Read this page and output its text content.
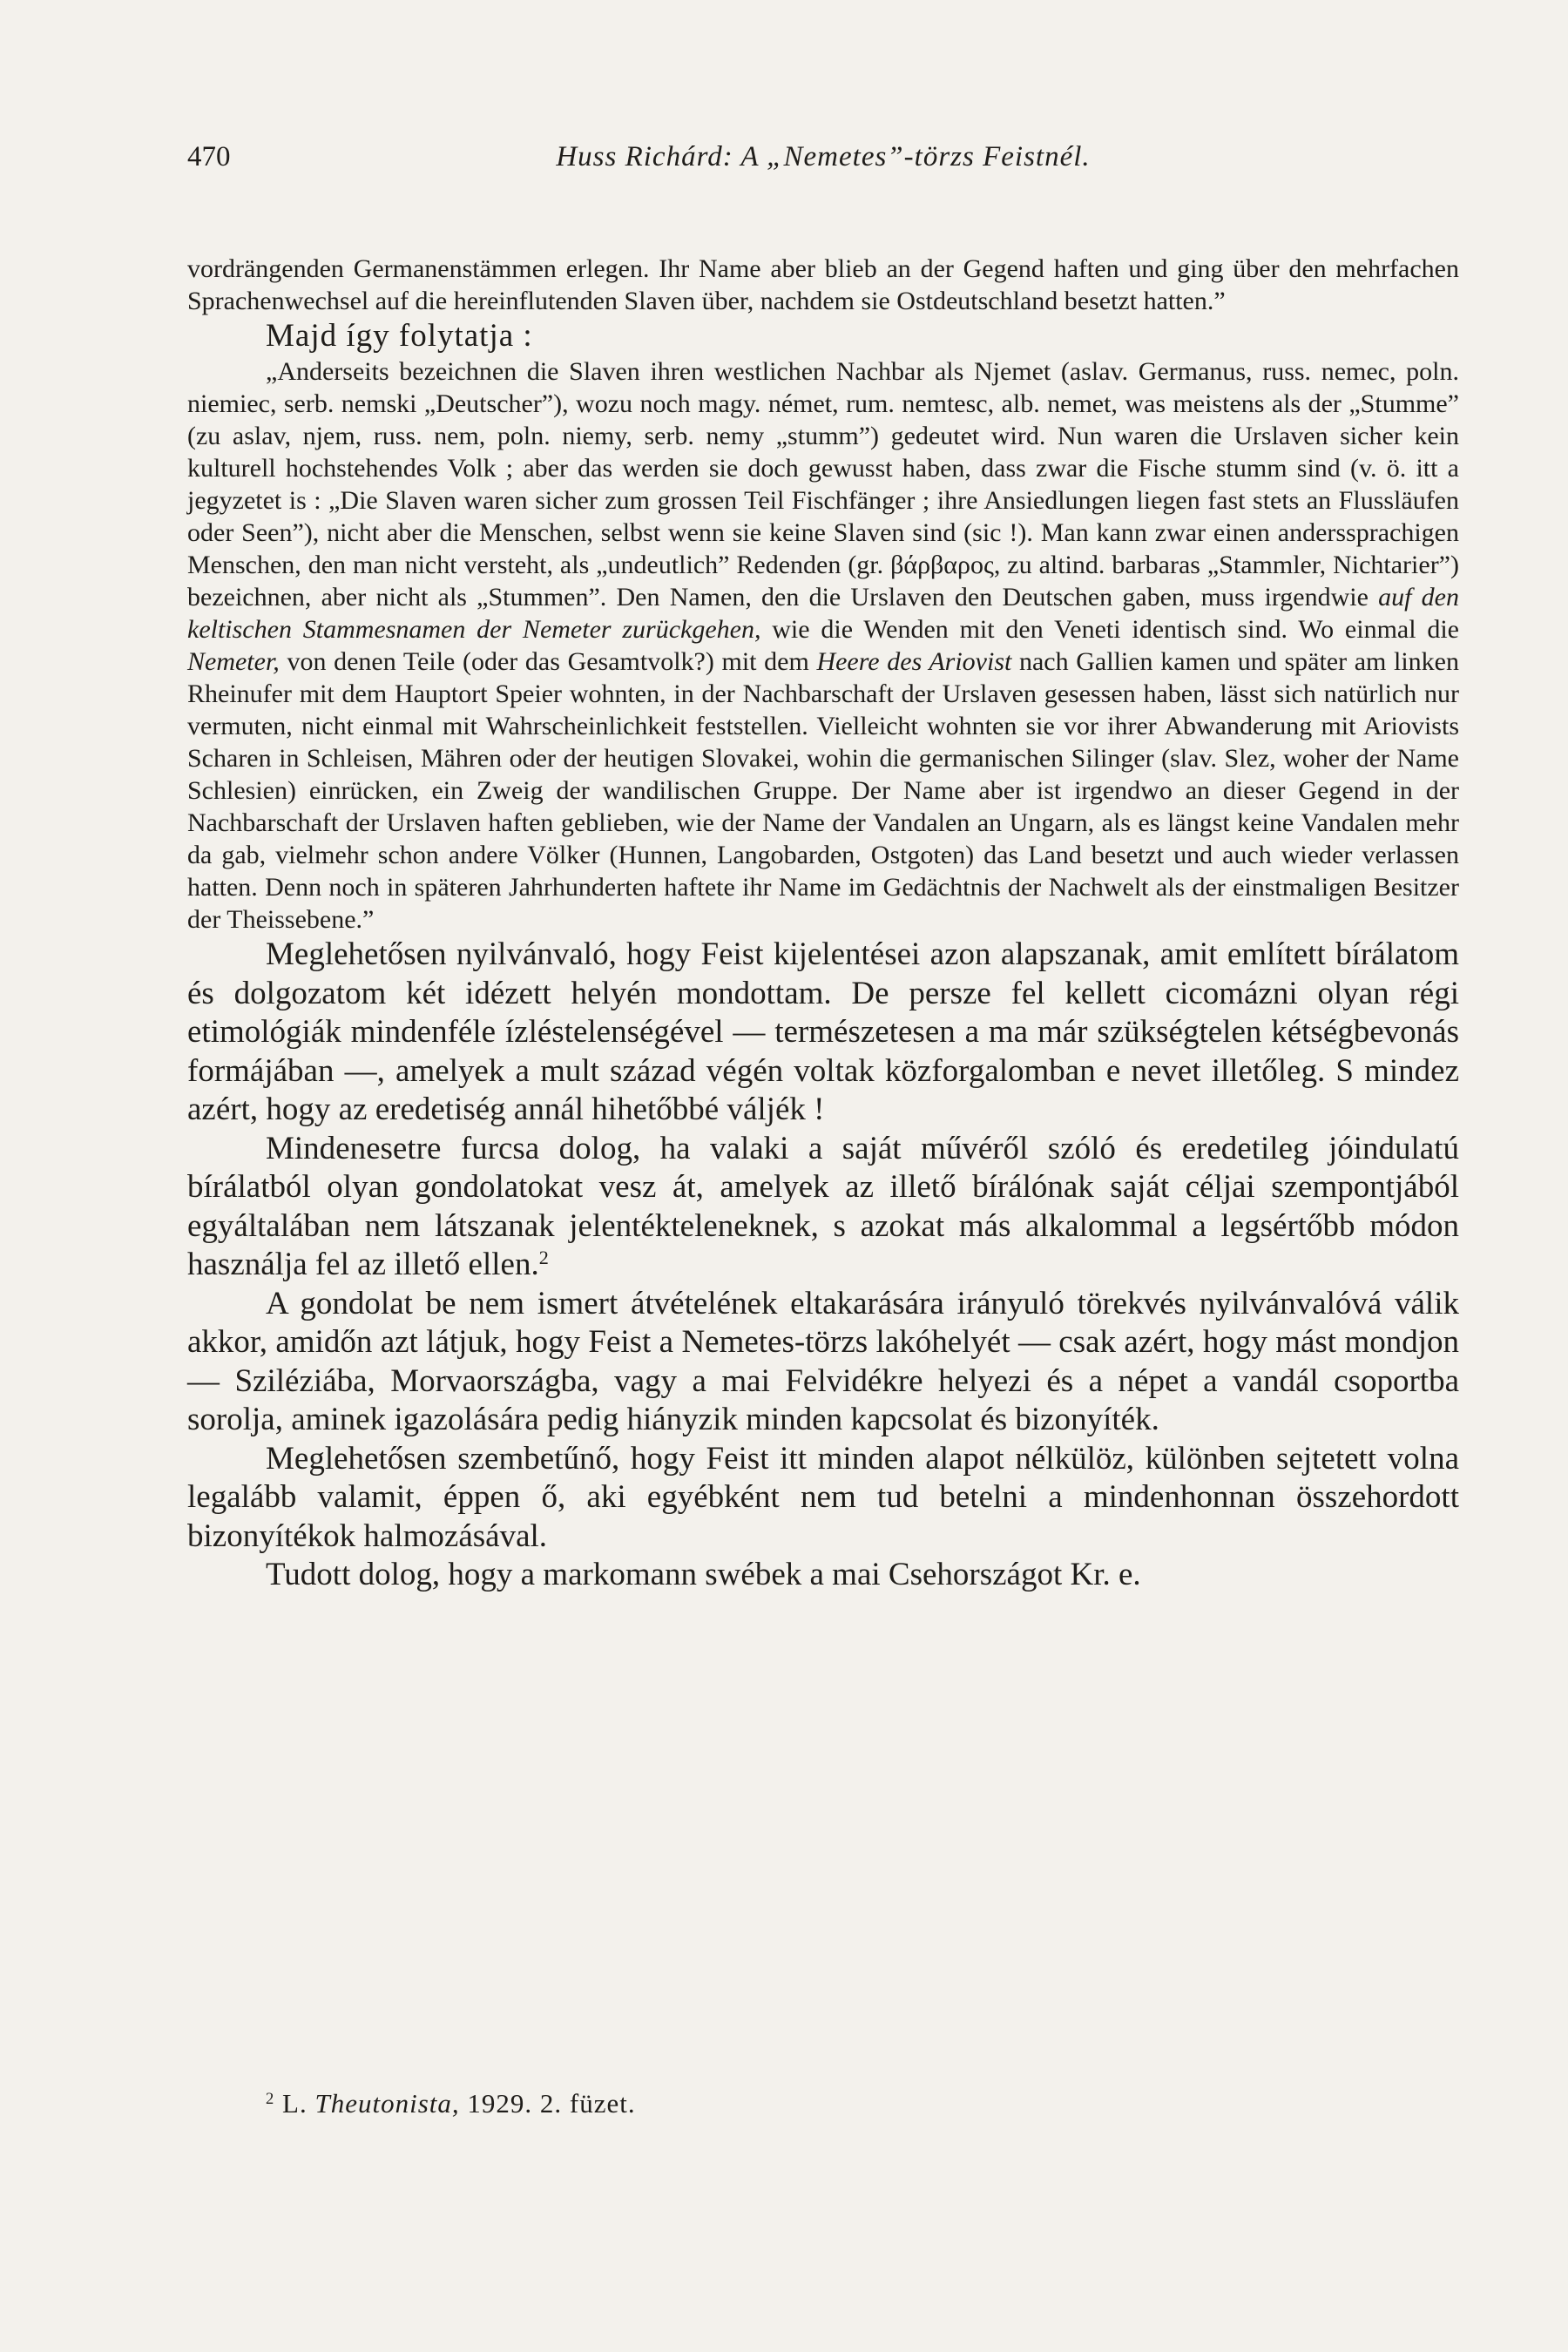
470	Huss Richárd: A „Nemetes”-törzs Feistnél.

vordrängenden Germanenstämmen erlegen. Ihr Name aber blieb an der Gegend haften und ging über den mehrfachen Sprachenwechsel auf die hereinflutenden Slaven über, nachdem sie Ostdeutschland besetzt hatten.”

Majd így folytatja :

„Anderseits bezeichnen die Slaven ihren westlichen Nachbar als Njemet (aslav. Germanus, russ. nemec, poln. niemiec, serb. nemski „Deutscher”), wozu noch magy. német, rum. nemtesc, alb. nemet, was meistens als der „Stumme” (zu aslav, njem, russ. nem, poln. niemy, serb. nemy „stumm”) gedeutet wird. Nun waren die Urslaven sicher kein kulturell hochstehendes Volk ; aber das werden sie doch gewusst haben, dass zwar die Fische stumm sind (v. ö. itt a jegyzetet is : „Die Slaven waren sicher zum grossen Teil Fischfänger ; ihre Ansiedlungen liegen fast stets an Flussläufen oder Seen”), nicht aber die Menschen, selbst wenn sie keine Slaven sind (sic !). Man kann zwar einen anderssprachigen Menschen, den man nicht versteht, als „undeutlich” Redenden (gr. βάρβαρος, zu altind. barbaras „Stammler, Nichtarier”) bezeichnen, aber nicht als „Stummen”. Den Namen, den die Urslaven den Deutschen gaben, muss irgendwie auf den keltischen Stammesnamen der Nemeter zurückgehen, wie die Wenden mit den Veneti identisch sind. Wo einmal die Nemeter, von denen Teile (oder das Gesamtvolk?) mit dem Heere des Ariovist nach Gallien kamen und später am linken Rheinufer mit dem Hauptort Speier wohnten, in der Nachbarschaft der Urslaven gesessen haben, lässt sich natürlich nur vermuten, nicht einmal mit Wahrscheinlichkeit feststellen. Vielleicht wohnten sie vor ihrer Abwanderung mit Ariovists Scharen in Schleisen, Mähren oder der heutigen Slovakei, wohin die germanischen Silinger (slav. Slez, woher der Name Schlesien) einrücken, ein Zweig der wandilischen Gruppe. Der Name aber ist irgendwo an dieser Gegend in der Nachbarschaft der Urslaven haften geblieben, wie der Name der Vandalen an Ungarn, als es längst keine Vandalen mehr da gab, vielmehr schon andere Völker (Hunnen, Langobarden, Ostgoten) das Land besetzt und auch wieder verlassen hatten. Denn noch in späteren Jahrhunderten haftete ihr Name im Gedächtnis der Nachwelt als der einstmaligen Besitzer der Theissebene.”

Meglehetősen nyilvánvaló, hogy Feist kijelentései azon alapszanak, amit említett bírálatom és dolgozatom két idézett helyén mondottam. De persze fel kellett cicomázni olyan régi etimológiák mindenféle ízléstelenségével — természetesen a ma már szükségtelen kétségbevonás formájában —, amelyek a mult század végén voltak közforgalomban e nevet illetőleg. S mindez azért, hogy az eredetiség annál hihetőbbé váljék !

Mindenesetre furcsa dolog, ha valaki a saját művéről szóló és eredetileg jóindulatú bírálatból olyan gondolatokat vesz át, amelyek az illető bírálónak saját céljai szempontjából egyáltalában nem látszanak jelentékteleneknek, s azokat más alkalommal a legsértőbb módon használja fel az illető ellen.$^2$

A gondolat be nem ismert átvételének eltakarására irányuló törekvés nyilvánvalóvá válik akkor, amidőn azt látjuk, hogy Feist a Nemetes-törzs lakóhelyét — csak azért, hogy mást mondjon — Sziléziába, Morvaországba, vagy a mai Felvidékre helyezi és a népet a vandál csoportba sorolja, aminek igazolására pedig hiányzik minden kapcsolat és bizonyíték.

Meglehetősen szembetűnő, hogy Feist itt minden alapot nélkülöz, különben sejtetett volna legalább valamit, éppen ő, aki egyébként nem tud betelni a mindenhonnan összehordott bizonyítékok halmozásával.

Tudott dolog, hogy a markomann swébek a mai Csehországot Kr. e.

$^2$ L. Theutonista, 1929. 2. füzet.
